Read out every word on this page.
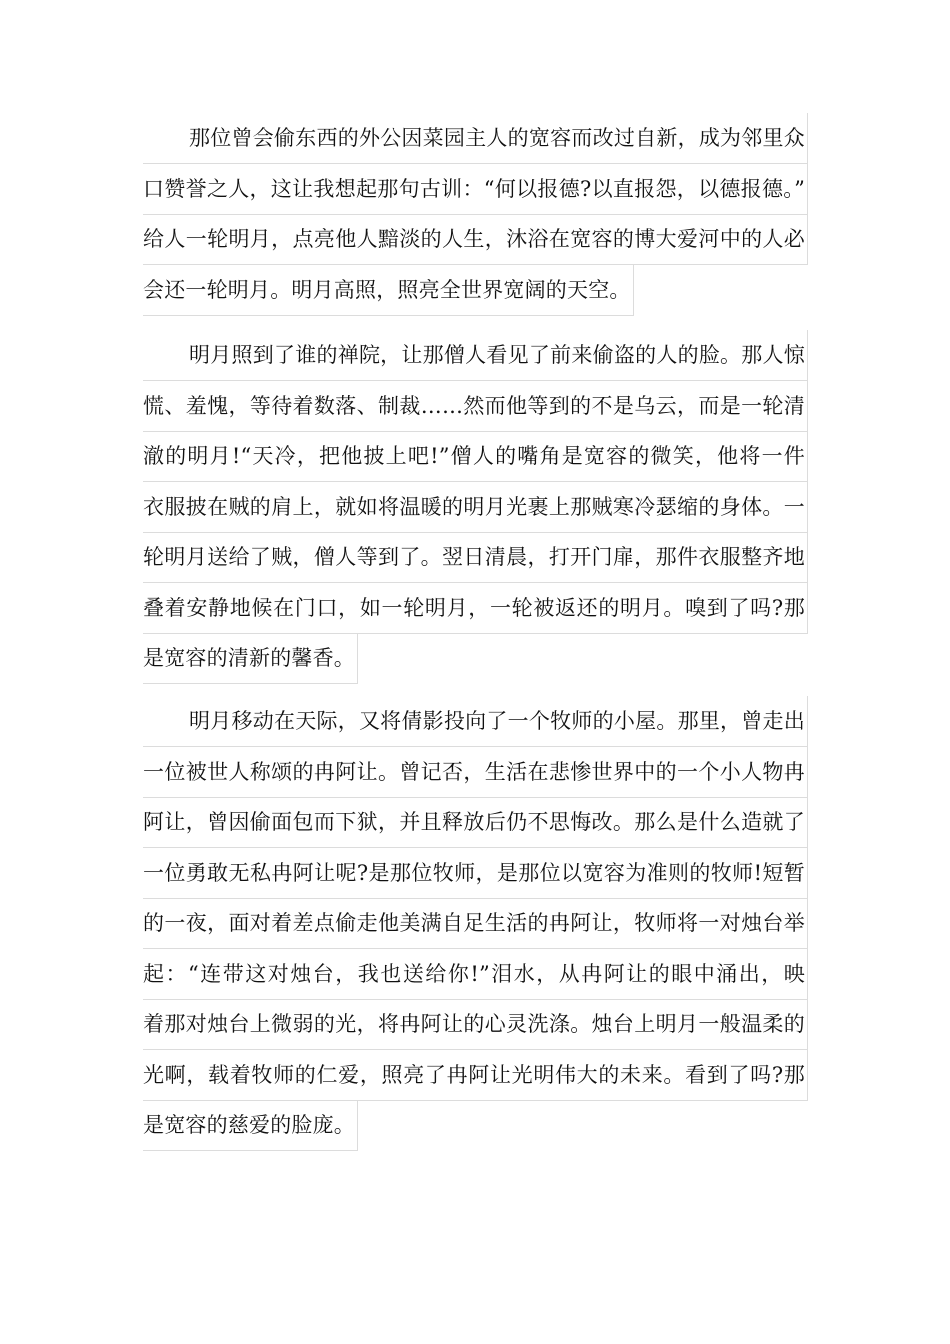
那位曾会偷东西的外公因菜园主人的宽容而改过自新，成为邻里众
口赞誉之人，这让我想起那句古训：“何以报德?以直报怨，以德报德。”
给人一轮明月，点亮他人黯淡的人生，沐浴在宽容的博大爱河中的人必
会还一轮明月。明月高照，照亮全世界宽阔的天空。
明月照到了谁的禅院，让那僧人看见了前来偷盗的人的脸。那人惊
慌、羞愧，等待着数落、制裁……然而他等到的不是乌云，而是一轮清
澈的明月!“天冷，把他披上吧!”僧人的嘴角是宽容的微笑，他将一件
衣服披在贼的肩上，就如将温暖的明月光裹上那贼寒冷瑟缩的身体。一
轮明月送给了贼，僧人等到了。翌日清晨，打开门扉，那件衣服整齐地
叠着安静地候在门口，如一轮明月，一轮被返还的明月。嗅到了吗?那
是宽容的清新的馨香。
明月移动在天际，又将倩影投向了一个牧师的小屋。那里，曾走出
一位被世人称颂的冉阿让。曾记否，生活在悲惨世界中的一个小人物冉
阿让，曾因偷面包而下狱，并且释放后仍不思悔改。那么是什么造就了
一位勇敢无私冉阿让呢?是那位牧师，是那位以宽容为准则的牧师!短暂
的一夜，面对着差点偷走他美满自足生活的冉阿让，牧师将一对烛台举
起：“连带这对烛台，我也送给你!”泪水，从冉阿让的眼中涌出，映
着那对烛台上微弱的光，将冉阿让的心灵洗涤。烛台上明月一般温柔的
光啊，载着牧师的仁爱，照亮了冉阿让光明伟大的未来。看到了吗?那
是宽容的慈爱的脸庞。
